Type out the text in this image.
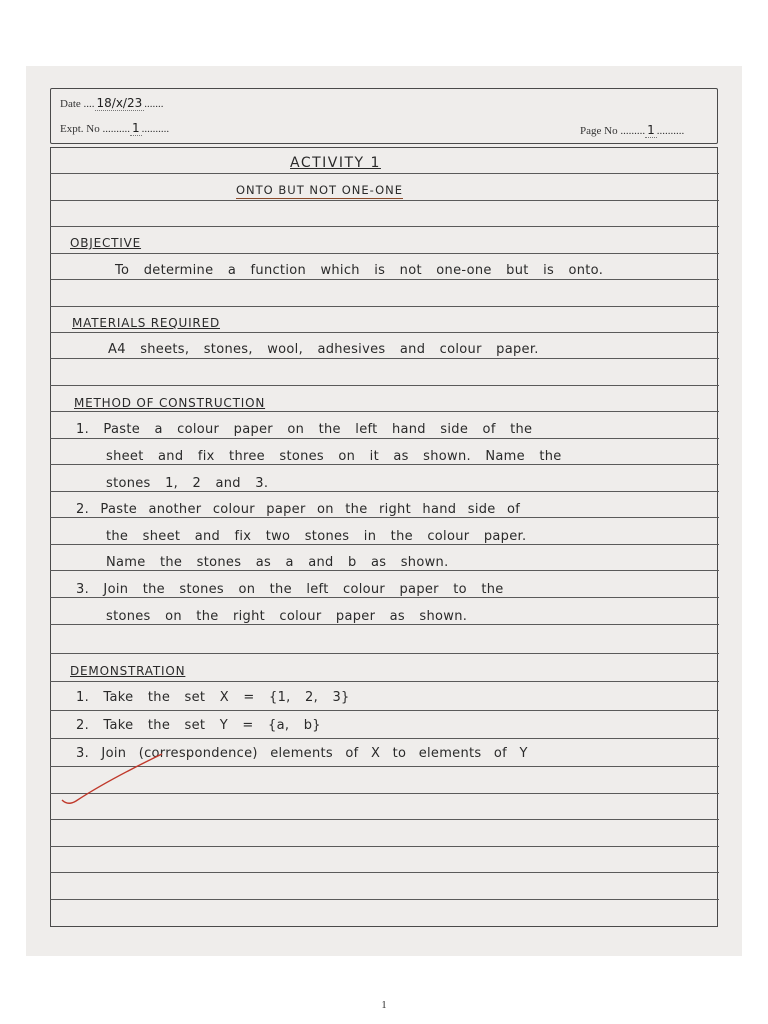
Date .... 18/x/23 .......
Expt. No .......... 1 ..........	Page No ......... 1 ..........
ACTIVITY 1
ONTO BUT NOT ONE-ONE
OBJECTIVE
To determine a function which is not one-one but is onto.
MATERIALS REQUIRED
A4 sheets, stones, wool, adhesives and colour paper.
METHOD OF CONSTRUCTION
1. Paste a colour paper on the left hand side of the
sheet and fix three stones on it as shown. Name the
stones 1, 2 and 3.
2. Paste another colour paper on the right hand side of
the sheet and fix two stones in the colour paper.
Name the stones as a and b as shown.
3. Join the stones on the left colour paper to the
stones on the right colour paper as shown.
DEMONSTRATION
1. Take the set X = {1, 2, 3}
2. Take the set Y = {a, b}
3. Join (correspondence) elements of X to elements of Y
1
